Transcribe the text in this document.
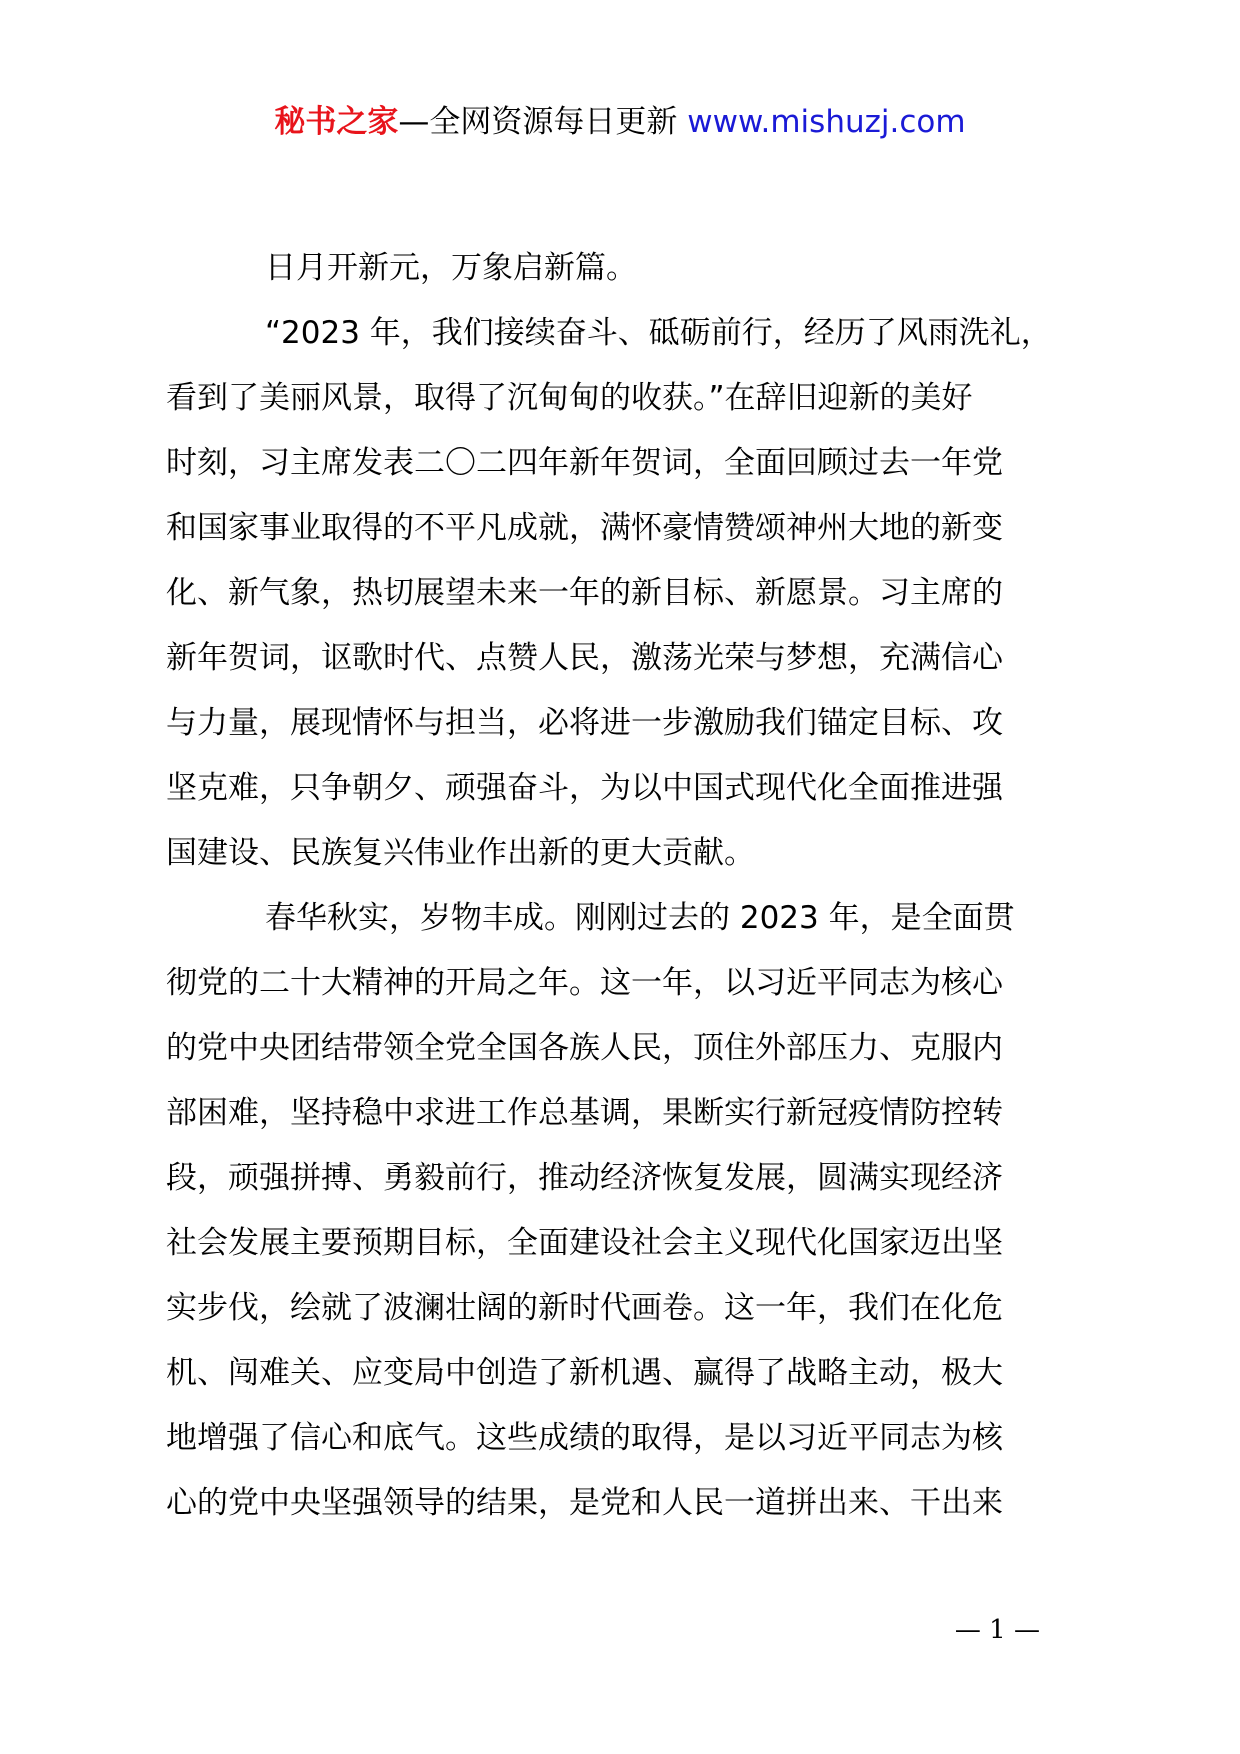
秘书之家—全网资源每日更新 www.mishuzj.com
日月开新元，万象启新篇。
“2023 年，我们接续奋斗、砥砺前行，经历了风雨洗礼，
看到了美丽风景，取得了沉甸甸的收获。”在辞旧迎新的美好
时刻，习主席发表二〇二四年新年贺词，全面回顾过去一年党
和国家事业取得的不平凡成就，满怀豪情赞颂神州大地的新变
化、新气象，热切展望未来一年的新目标、新愿景。习主席的
新年贺词，讴歌时代、点赞人民，激荡光荣与梦想，充满信心
与力量，展现情怀与担当，必将进一步激励我们锚定目标、攻
坚克难，只争朝夕、顽强奋斗，为以中国式现代化全面推进强
国建设、民族复兴伟业作出新的更大贡献。
春华秋实，岁物丰成。刚刚过去的 2023 年，是全面贯
彻党的二十大精神的开局之年。这一年，以习近平同志为核心
的党中央团结带领全党全国各族人民，顶住外部压力、克服内
部困难，坚持稳中求进工作总基调，果断实行新冠疫情防控转
段，顽强拼搏、勇毅前行，推动经济恢复发展，圆满实现经济
社会发展主要预期目标，全面建设社会主义现代化国家迈出坚
实步伐，绘就了波澜壮阔的新时代画卷。这一年，我们在化危
机、闯难关、应变局中创造了新机遇、赢得了战略主动，极大
地增强了信心和底气。这些成绩的取得，是以习近平同志为核
心的党中央坚强领导的结果，是党和人民一道拼出来、干出来
— 1 —
